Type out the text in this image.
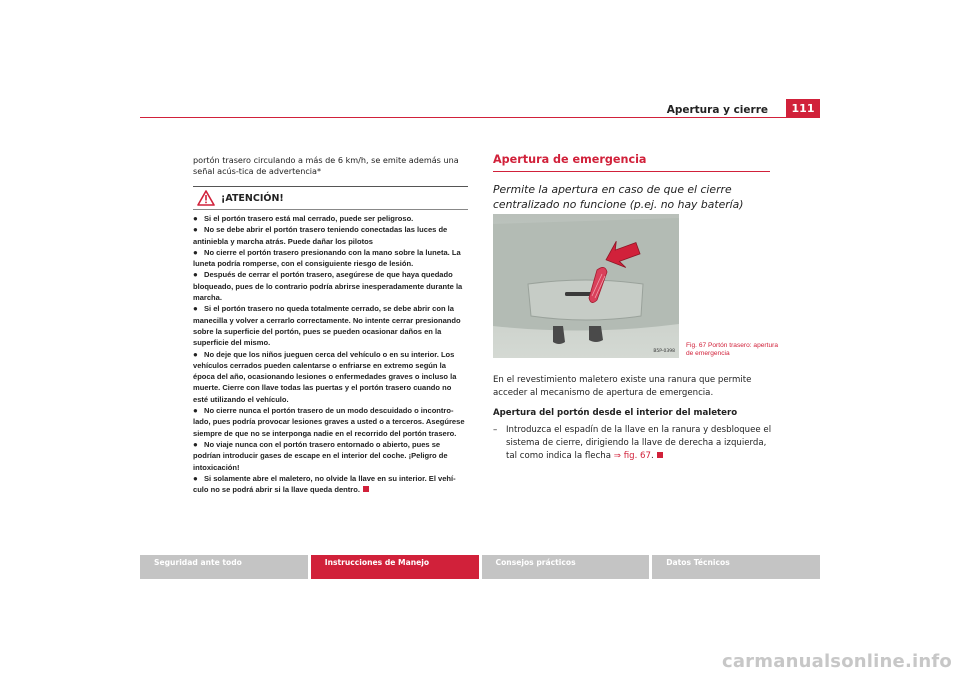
Apertura y cierre	111

portón trasero circulando a más de 6 km/h, se emite además una señal acús-tica de advertencia*

¡ATENCIÓN!
● Si el portón trasero está mal cerrado, puede ser peligroso.
● No se debe abrir el portón trasero teniendo conectadas las luces de antiniebla y marcha atrás. Puede dañar los pilotos
● No cierre el portón trasero presionando con la mano sobre la luneta. La luneta podría romperse, con el consiguiente riesgo de lesión.
● Después de cerrar el portón trasero, asegúrese de que haya quedado bloqueado, pues de lo contrario podría abrirse inesperadamente durante la marcha.
● Si el portón trasero no queda totalmente cerrado, se debe abrir con la manecilla y volver a cerrarlo correctamente. No intente cerrar presionando sobre la superficie del portón, pues se pueden ocasionar daños en la superficie del mismo.
● No deje que los niños jueguen cerca del vehículo o en su interior. Los vehículos cerrados pueden calentarse o enfriarse en extremo según la época del año, ocasionando lesiones o enfermedades graves o incluso la muerte. Cierre con llave todas las puertas y el portón trasero cuando no esté utilizando el vehículo.
● No cierre nunca el portón trasero de un modo descuidado o incontro-lado, pues podría provocar lesiones graves a usted o a terceros. Asegúrese siempre de que no se interponga nadie en el recorrido del portón trasero.
● No viaje nunca con el portón trasero entornado o abierto, pues se podrían introducir gases de escape en el interior del coche. ¡Peligro de intoxicación!
● Si solamente abre el maletero, no olvide la llave en su interior. El vehí-culo no se podrá abrir si la llave queda dentro.
Apertura de emergencia

Permite la apertura en caso de que el cierre centralizado no funcione (p.ej. no hay batería)

B5P-0398
Fig. 67 Portón trasero: apertura de emergencia

En el revestimiento maletero existe una ranura que permite acceder al mecanismo de apertura de emergencia.

Apertura del portón desde el interior del maletero

–	Introduzca el espadín de la llave en la ranura y desbloquee el sistema de cierre, dirigiendo la llave de derecha a izquierda, tal como indica la flecha ⇒ fig. 67.

Seguridad ante todo	Instrucciones de Manejo	Consejos prácticos	Datos Técnicos
carmanualsonline.info
